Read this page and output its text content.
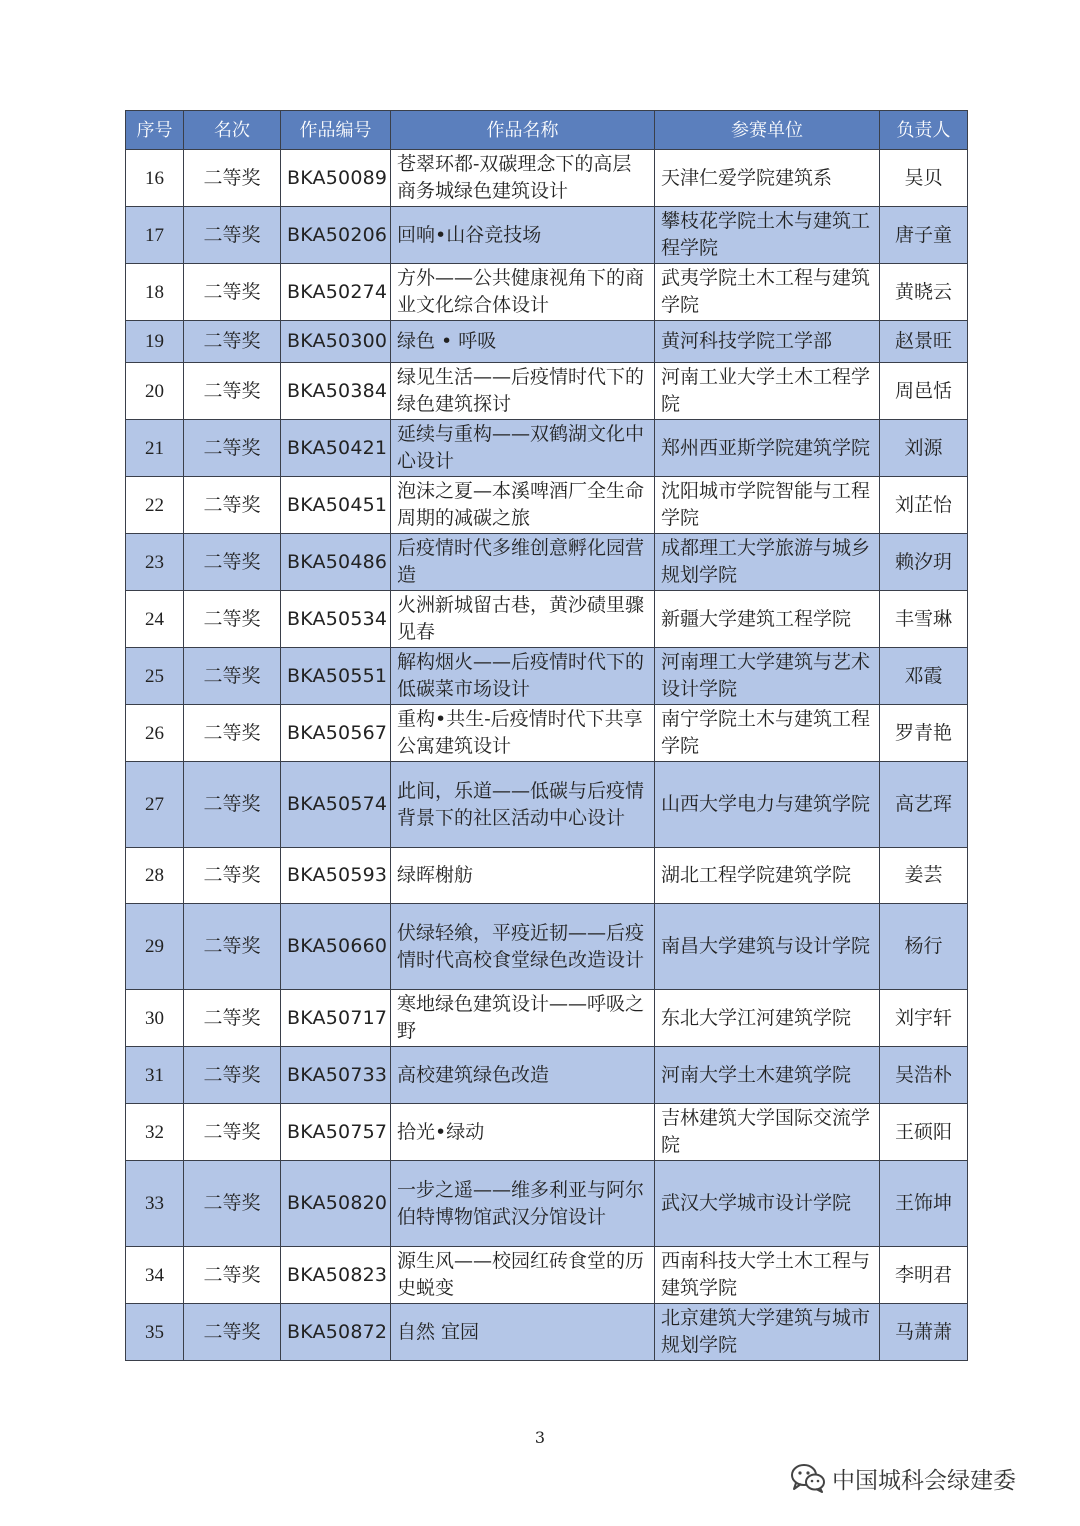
序号	名次	作品编号	作品名称	参赛单位	负责人
16	二等奖	BKA50089	苍翠环都-双碳理念下的高层商务城绿色建筑设计	天津仁爱学院建筑系	吴贝
17	二等奖	BKA50206	回响•山谷竞技场	攀枝花学院土木与建筑工程学院	唐子童
18	二等奖	BKA50274	方外——公共健康视角下的商业文化综合体设计	武夷学院土木工程与建筑学院	黄晓云
19	二等奖	BKA50300	绿色 • 呼吸	黄河科技学院工学部	赵景旺
20	二等奖	BKA50384	绿见生活——后疫情时代下的绿色建筑探讨	河南工业大学土木工程学院	周邑恬
21	二等奖	BKA50421	延续与重构——双鹤湖文化中心设计	郑州西亚斯学院建筑学院	刘源
22	二等奖	BKA50451	泡沫之夏—本溪啤酒厂全生命周期的减碳之旅	沈阳城市学院智能与工程学院	刘芷怡
23	二等奖	BKA50486	后疫情时代多维创意孵化园营造	成都理工大学旅游与城乡规划学院	赖汐玥
24	二等奖	BKA50534	火洲新城留古巷，黄沙碛里骤见春	新疆大学建筑工程学院	丰雪琳
25	二等奖	BKA50551	解构烟火——后疫情时代下的低碳菜市场设计	河南理工大学建筑与艺术设计学院	邓霞
26	二等奖	BKA50567	重构•共生-后疫情时代下共享公寓建筑设计	南宁学院土木与建筑工程学院	罗青艳
27	二等奖	BKA50574	此间，乐道——低碳与后疫情背景下的社区活动中心设计	山西大学电力与建筑学院	高艺珲
28	二等奖	BKA50593	绿晖榭舫	湖北工程学院建筑学院	姜芸
29	二等奖	BKA50660	伏绿轻飨，平疫近韧——后疫情时代高校食堂绿色改造设计	南昌大学建筑与设计学院	杨行
30	二等奖	BKA50717	寒地绿色建筑设计——呼吸之野	东北大学江河建筑学院	刘宇轩
31	二等奖	BKA50733	高校建筑绿色改造	河南大学土木建筑学院	吴浩朴
32	二等奖	BKA50757	拾光•绿动	吉林建筑大学国际交流学院	王硕阳
33	二等奖	BKA50820	一步之遥——维多利亚与阿尔伯特博物馆武汉分馆设计	武汉大学城市设计学院	王饰坤
34	二等奖	BKA50823	源生风——校园红砖食堂的历史蜕变	西南科技大学土木工程与建筑学院	李明君
35	二等奖	BKA50872	自然 宜园	北京建筑大学建筑与城市规划学院	马萧萧
3
中国城科会绿建委
